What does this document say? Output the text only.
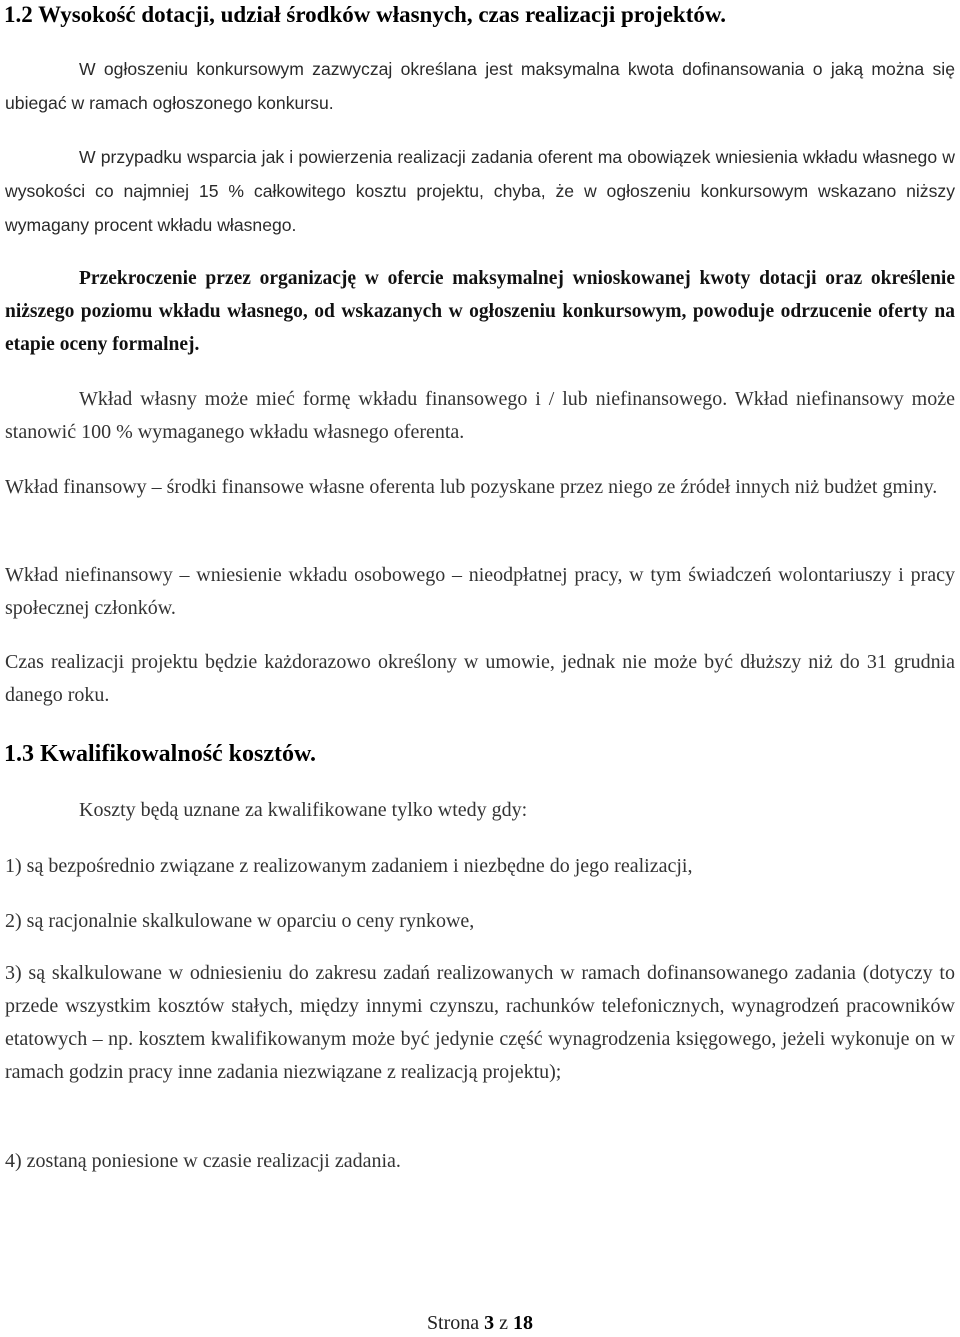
1.2 Wysokość dotacji, udział środków własnych, czas realizacji projektów.

W ogłoszeniu konkursowym zazwyczaj określana jest maksymalna kwota dofinansowania o jaką można się ubiegać w ramach ogłoszonego konkursu.

W przypadku wsparcia jak i powierzenia realizacji zadania oferent ma obowiązek wniesienia wkładu własnego w wysokości co najmniej 15 % całkowitego kosztu projektu, chyba, że w ogłoszeniu konkursowym wskazano niższy wymagany procent wkładu własnego.

Przekroczenie przez organizację w ofercie maksymalnej wnioskowanej kwoty dotacji oraz określenie niższego poziomu wkładu własnego, od wskazanych w ogłoszeniu konkursowym, powoduje odrzucenie oferty na etapie oceny formalnej.

Wkład własny może mieć formę wkładu finansowego i / lub niefinansowego. Wkład niefinansowy może stanowić 100 % wymaganego wkładu własnego oferenta.

Wkład finansowy – środki finansowe własne oferenta lub pozyskane przez niego ze źródeł innych niż budżet gminy.

Wkład niefinansowy – wniesienie wkładu osobowego – nieodpłatnej pracy, w tym świadczeń wolontariuszy i pracy społecznej członków.

Czas realizacji projektu będzie każdorazowo określony w umowie, jednak nie może być dłuższy niż do 31 grudnia danego roku.

1.3 Kwalifikowalność kosztów.

Koszty będą uznane za kwalifikowane tylko wtedy gdy:

1) są bezpośrednio związane z realizowanym zadaniem i niezbędne do jego realizacji,

2) są racjonalnie skalkulowane w oparciu o ceny rynkowe,

3) są skalkulowane w odniesieniu do zakresu zadań realizowanych w ramach dofinansowanego zadania (dotyczy to przede wszystkim kosztów stałych, między innymi czynszu, rachunków telefonicznych, wynagrodzeń pracowników etatowych – np. kosztem kwalifikowanym może być jedynie część wynagrodzenia księgowego, jeżeli wykonuje on w ramach godzin pracy inne zadania niezwiązane z realizacją projektu);

4) zostaną poniesione w czasie realizacji zadania.

Strona 3 z 18
